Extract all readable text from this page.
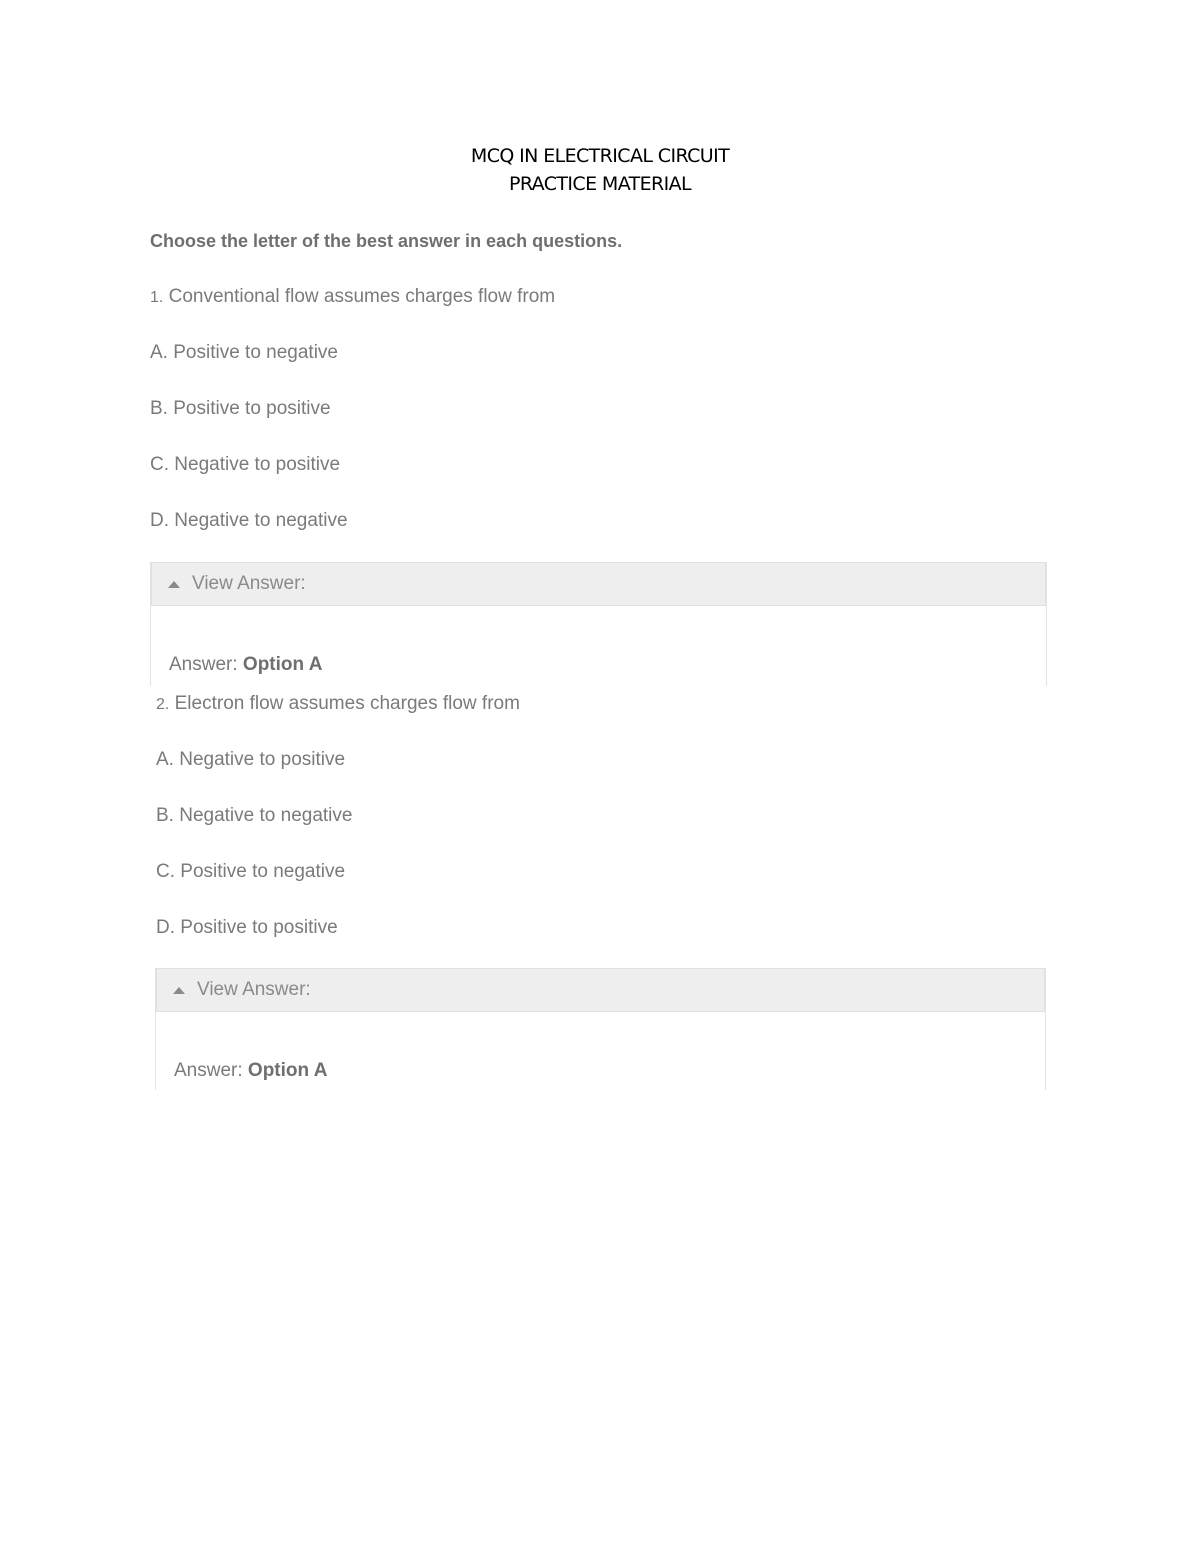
MCQ IN ELECTRICAL CIRCUIT
PRACTICE MATERIAL
Choose the letter of the best answer in each questions.
1. Conventional flow assumes charges flow from
A. Positive to negative
B. Positive to positive
C. Negative to positive
D. Negative to negative
View Answer:
Answer: Option A
2. Electron flow assumes charges flow from
A. Negative to positive
B. Negative to negative
C. Positive to negative
D. Positive to positive
View Answer:
Answer: Option A
